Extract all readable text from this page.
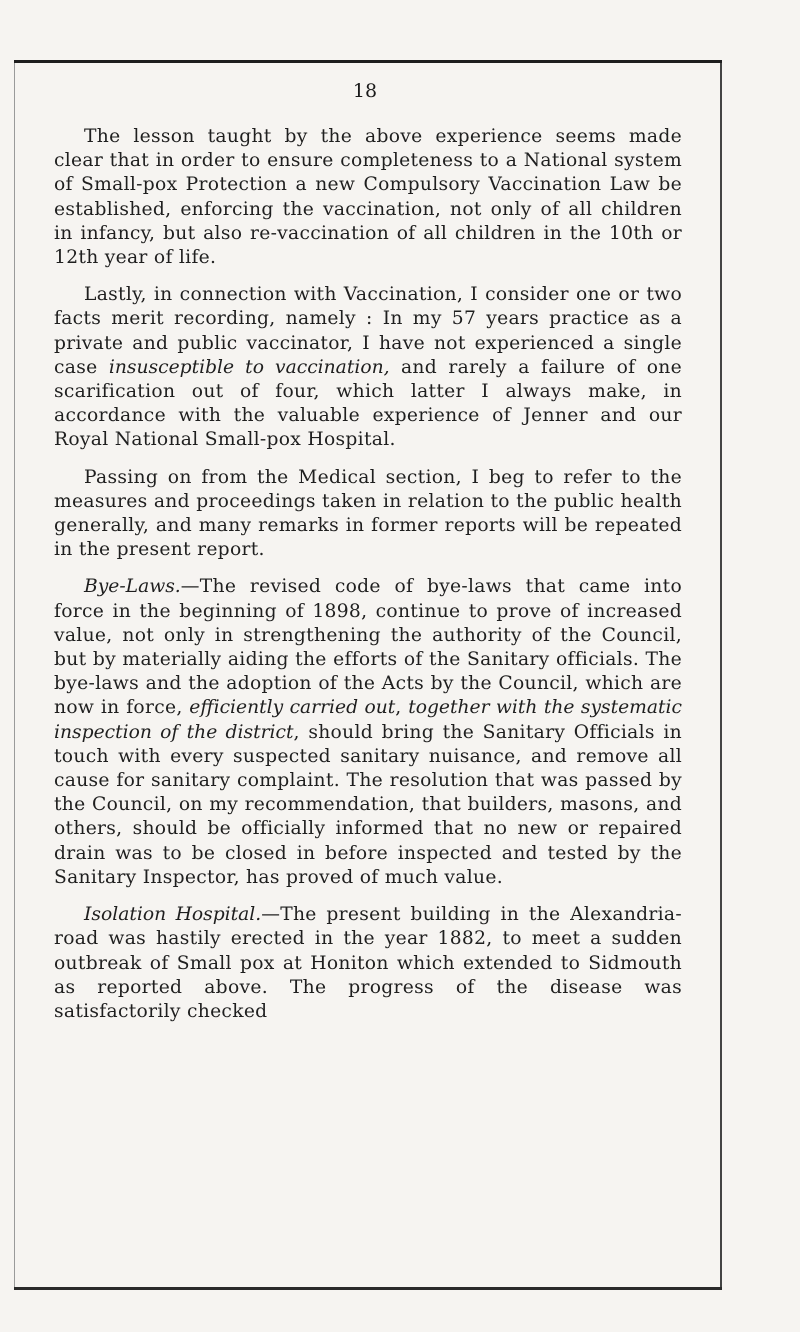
18

The lesson taught by the above experience seems made clear that in order to ensure completeness to a National system of Small-pox Protection a new Compulsory Vaccination Law be established, enforcing the vaccination, not only of all children in infancy, but also re-vaccination of all children in the 10th or 12th year of life.

Lastly, in connection with Vaccination, I consider one or two facts merit recording, namely : In my 57 years practice as a private and public vaccinator, I have not experienced a single case insusceptible to vaccination, and rarely a failure of one scarification out of four, which latter I always make, in accordance with the valuable experience of Jenner and our Royal National Small-pox Hospital.

Passing on from the Medical section, I beg to refer to the measures and proceedings taken in relation to the public health generally, and many remarks in former reports will be repeated in the present report.

Bye-Laws.—The revised code of bye-laws that came into force in the beginning of 1898, continue to prove of increased value, not only in strengthening the authority of the Council, but by materially aiding the efforts of the Sanitary officials. The bye-laws and the adoption of the Acts by the Council, which are now in force, efficiently carried out, together with the systematic inspection of the district, should bring the Sanitary Officials in touch with every suspected sanitary nuisance, and remove all cause for sanitary complaint. The resolution that was passed by the Council, on my recommendation, that builders, masons, and others, should be officially informed that no new or repaired drain was to be closed in before inspected and tested by the Sanitary Inspector, has proved of much value.

Isolation Hospital.—The present building in the Alexandria-road was hastily erected in the year 1882, to meet a sudden outbreak of Small pox at Honiton which extended to Sidmouth as reported above. The progress of the disease was satisfactorily checked
